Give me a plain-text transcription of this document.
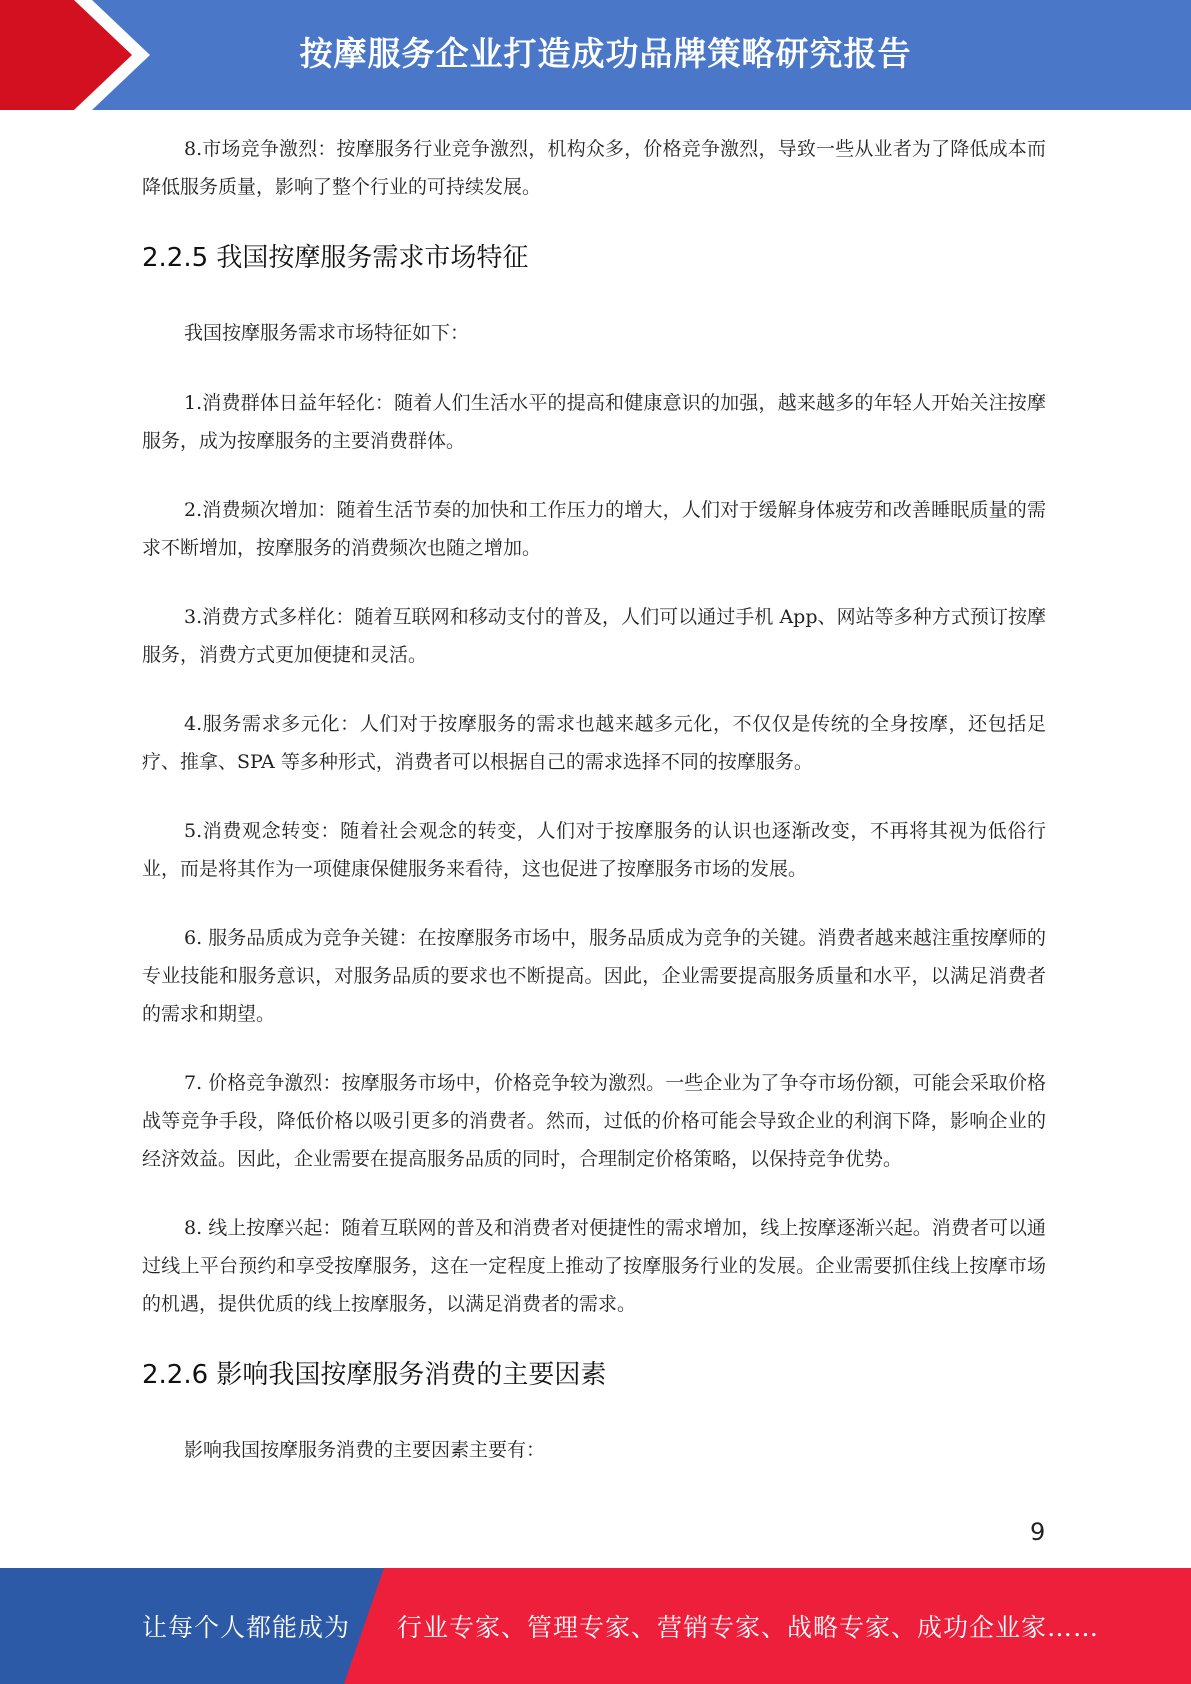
按摩服务企业打造成功品牌策略研究报告

8.市场竞争激烈：按摩服务行业竞争激烈，机构众多，价格竞争激烈，导致一些从业者为了降低成本而降低服务质量，影响了整个行业的可持续发展。

2.2.5 我国按摩服务需求市场特征

我国按摩服务需求市场特征如下：

1.消费群体日益年轻化：随着人们生活水平的提高和健康意识的加强，越来越多的年轻人开始关注按摩服务，成为按摩服务的主要消费群体。

2.消费频次增加：随着生活节奏的加快和工作压力的增大，人们对于缓解身体疲劳和改善睡眠质量的需求不断增加，按摩服务的消费频次也随之增加。

3.消费方式多样化：随着互联网和移动支付的普及，人们可以通过手机 App、网站等多种方式预订按摩服务，消费方式更加便捷和灵活。

4.服务需求多元化：人们对于按摩服务的需求也越来越多元化，不仅仅是传统的全身按摩，还包括足疗、推拿、SPA 等多种形式，消费者可以根据自己的需求选择不同的按摩服务。

5.消费观念转变：随着社会观念的转变，人们对于按摩服务的认识也逐渐改变，不再将其视为低俗行业，而是将其作为一项健康保健服务来看待，这也促进了按摩服务市场的发展。

6. 服务品质成为竞争关键：在按摩服务市场中，服务品质成为竞争的关键。消费者越来越注重按摩师的专业技能和服务意识，对服务品质的要求也不断提高。因此，企业需要提高服务质量和水平，以满足消费者的需求和期望。

7. 价格竞争激烈：按摩服务市场中，价格竞争较为激烈。一些企业为了争夺市场份额，可能会采取价格战等竞争手段，降低价格以吸引更多的消费者。然而，过低的价格可能会导致企业的利润下降，影响企业的经济效益。因此，企业需要在提高服务品质的同时，合理制定价格策略，以保持竞争优势。

8. 线上按摩兴起：随着互联网的普及和消费者对便捷性的需求增加，线上按摩逐渐兴起。消费者可以通过线上平台预约和享受按摩服务，这在一定程度上推动了按摩服务行业的发展。企业需要抓住线上按摩市场的机遇，提供优质的线上按摩服务，以满足消费者的需求。

2.2.6 影响我国按摩服务消费的主要因素

影响我国按摩服务消费的主要因素主要有：

9
让每个人都能成为 行业专家、管理专家、营销专家、战略专家、成功企业家……
